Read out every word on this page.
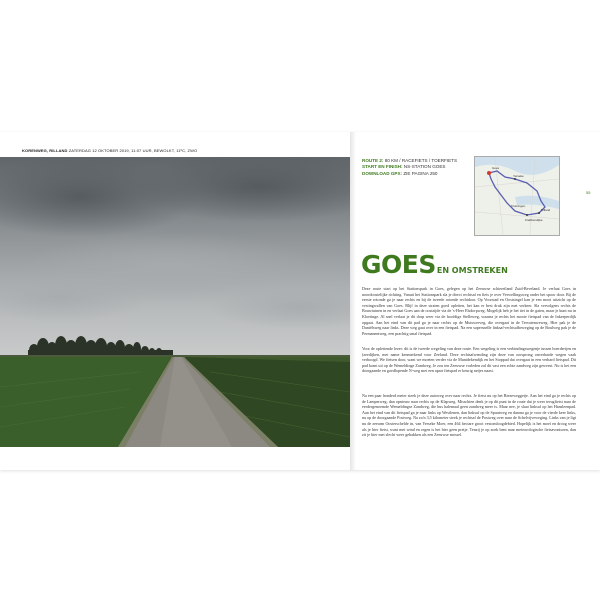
KORENWEG, RILLAND ZATERDAG 12 OKTOBER 2019, 11:07 UUR, BEWOLKT, 11ºC, ZWO
ROUTE 2: 80 KM / RACEFIETS / TOERFIETS
START EN FINISH: NS-STATION GOES
DOWNLOAD GPX: ZIE PAGINA 250
Goes
Yerseke
Kruiningen
Krabbendijke
Rilland
55
GOESEN OMSTREKEN

Deze route start op het Stationspark in Goes, gelegen op het Zeeuwse schiereiland Zuid-Beveland. Je verlaat Goes in noordoostelijke richting. Vanuit het Stationspark sla je direct rechtsaf en fiets je over Verwellingsweg onder het spoor door. Bij de eerste rotonde ga je naar rechts en bij de tweede rotonde rechtdoor. Op Voorstad en Oostsingel kan je een mooi uitzicht op de vestingwallen van Goes. Blijf in deze straten goed opletten, het kan er best druk zijn met verkeer. Sla vervolgens rechts de Bouwtuinen in en verlaat Goes aan de oostzijde via de 's-Heer Elsdorpweg. Mogelijk heb je het tiet in de gaten, maar je kunt nu in Kloetinge. Al snel verlaat je dit dorp weer via de hoofdige Stelleweg, waarna je rechts het mooie fietspad van de Inkeeperdijk opgaat. Aan het eind van dit pad ga je naar rechts op de Muiswerveg, die overgaat in de Tervatenweweg. Hier pak je de Daniëlsweg naar links. Deze weg gaat over in een fietspad. Na een supersnelle linksaf-rechtsafbeweging op de Boulweg pak je de Permanentweg, een prachtig smal fietspad.

Voor de oplettende lezer: dit is de tweede wegeling van deze route. Een wegeling is een verbindingswegenje tussen boerderijen en (zeedijken, met name kenmerkend voor Zeeland. Deze rechtsafwending zijn deze van oorsprong onverharde wegen vaak verhoogd. We fietsen door, want we moeten verder via de Muntdekendijk en het Stoppad dat overgaat in een verhard fietspad. Dit pad komt uit op de Wemeldinge Zandweg. Je zou ten Zeeuwse vorleden zal dit vast een echte zandweg zijn geweest. Nu is het een doorgaande en goedlopende N-weg met een apart fietspad er keurig netjes naast.

Na een paar honderd meter steek je deze autoweg over naar rechts. Je fietst nu op het Biezeweggetje. Aan het eind ga je rechts op de Lamperweg, dan opnieuw naar rechts op de Klapweg. Misschien denk je op dit punt in de route dat je weer terugfietst naar de eerdergenoemde Wemeldingse Zandweg, die bus halemaal geen zandweg meer is. Maar nee, je slaat linksaf op het Hansleenpad. Aan het eind van dit fietspad ga je naar links op Westlenen, dan linksaf op de Spuutweg en daarna ga je voor de vierde keer links, nu op de doorgaande Postweg. Na zo'n 3,5 kilometer steek je rechtsaf de Postweg over naar de Schelvijveweging. Links van je ligt nu de zeearm Oosterschelde in, van Yerseke Moer, een 464 hectare groot vestomloogdebied. Hopelijk is het moeì en droog weer als je hier fietst, want met wind en regen is het hier geen pretje. Tenzij je op zoek bent naar meteorologische fietsavonturen, dan zit je hier met slecht weer gebakken als een Zeeuwse mossel.
